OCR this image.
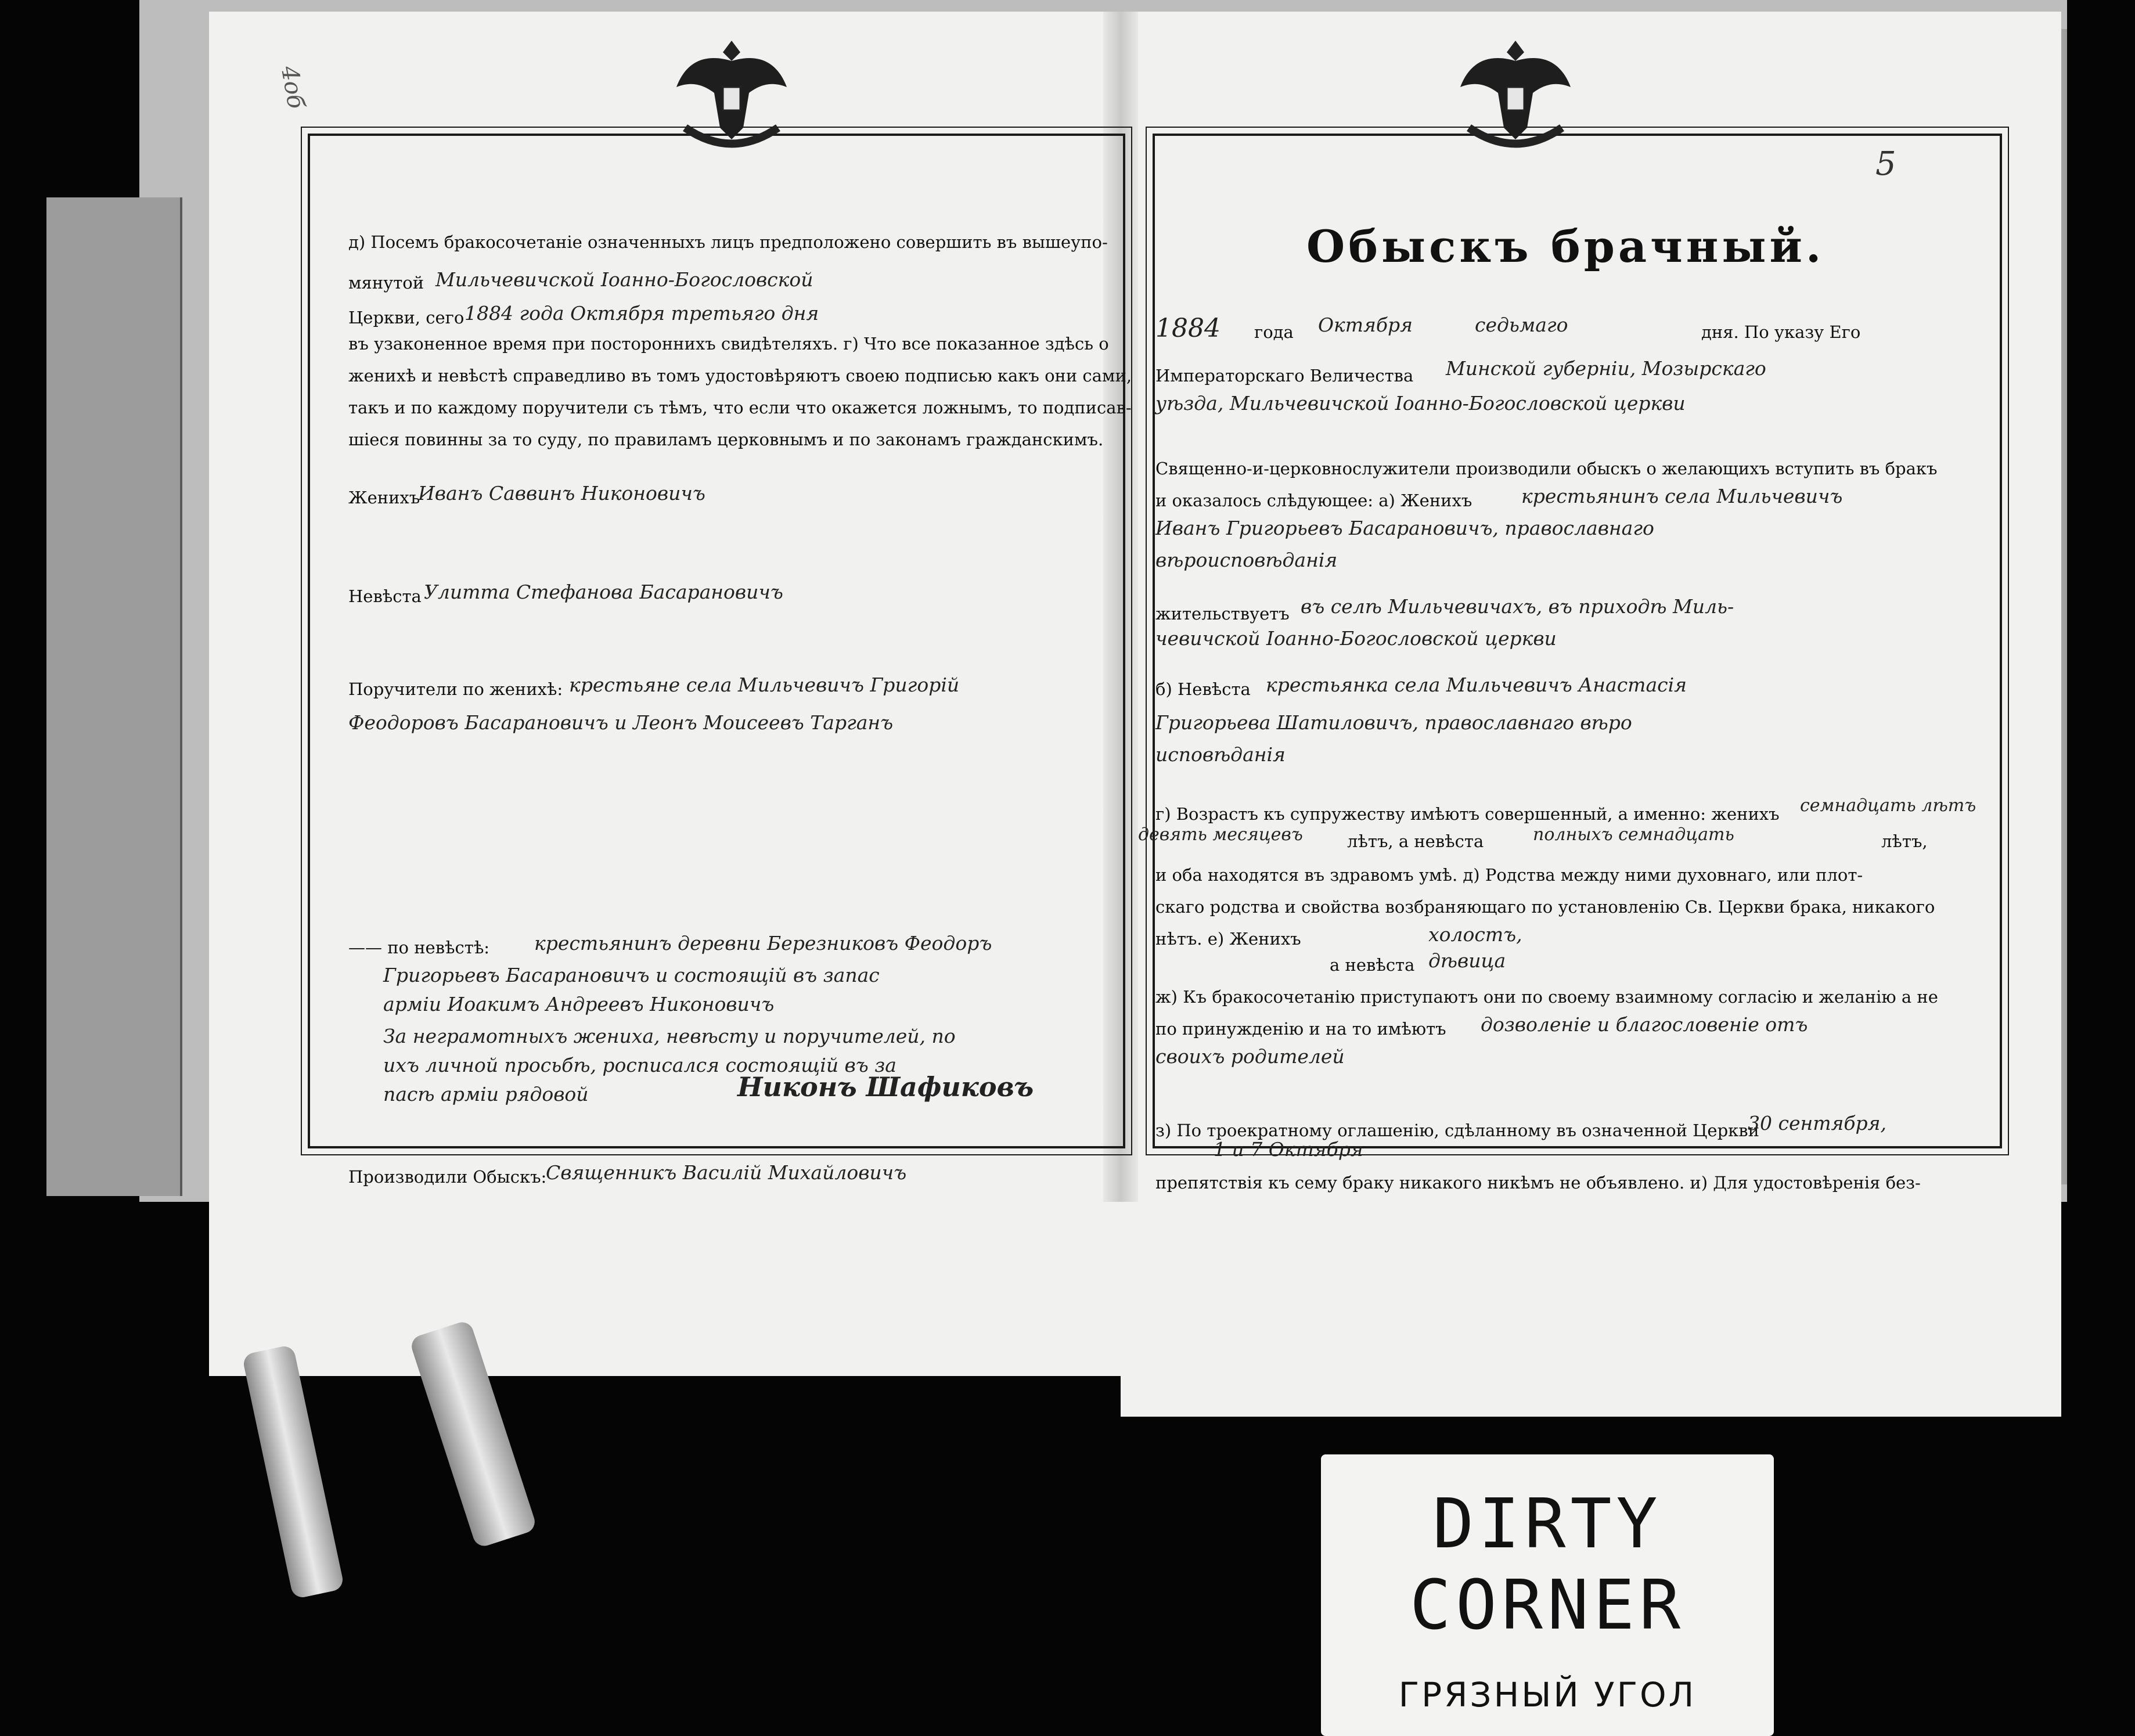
4об
д) Посемъ бракосочетанiе означенныхъ лицъ предположено совершить въ вышеупо-
мянутой Мильчевичской Iоанно-Богословской
Церкви, сего 1884 года Октября третьяго дня
въ узаконенное время при постороннихъ свидѣтеляхъ. г) Что все показанное здѣсь о
женихѣ и невѣстѣ справедливо въ томъ удостовѣряютъ своею подписью какъ они сами,
такъ и по каждому поручители съ тѣмъ, что если что окажется ложнымъ, то подписав-
шiеся повинны за то суду, по правиламъ церковнымъ и по законамъ гражданскимъ.
Женихъ
Иванъ Саввинъ Никоновичъ
Невѣста Улитта Стефанова Басарановичъ
Поручители по женихѣ: крестьяне села Мильчевичъ Григорiй
Феодоровъ Басарановичъ и Леонъ Моисеевъ Тарганъ
—— по невѣстѣ: крестьянинъ деревни Березниковъ Феодоръ
Григорьевъ Басарановичъ и состоящiй въ запас
армiи Иоакимъ Андреевъ Никоновичъ
За неграмотныхъ жениха, невѣсту и поручителей, по
ихъ личной просьбѣ, росписался состоящiй въ за
пасѣ армiи рядовой	Никонъ Шафиковъ
Производили Обыскъ:
Священникъ Василiй Михайловичъ
5
Обыскъ брачный.
1884 года Октября	седьмаго	дня. По указу Его
Императорскаго Величества Минской губернiи, Мозырскаго
уѣзда, Мильчевичской Iоанно-Богословской церкви
Священно-и-церковнослужители производили обыскъ о желающихъ вступить въ бракъ
и оказалось слѣдующее: а) Женихъ	крестьянинъ села Мильчевичъ
Иванъ Григорьевъ Басарановичъ, православнаго
вѣроисповѣданiя
жительствуетъ въ селѣ Мильчевичахъ, въ приходѣ Миль-
чевичской Iоанно-Богословской церкви
б) Невѣста крестьянка села Мильчевичъ Анастасiя
Григорьева Шатиловичъ, православнаго вѣро
исповѣданiя
г) Возрастъ къ супружеству имѣютъ совершенный, а именно: женихъ семнадцать лѣтъ
девять месяцевъ	лѣтъ, а невѣста	полныхъ семнадцать	лѣтъ,
и оба находятся въ здравомъ умѣ. д) Родства между ними духовнаго, или плот-
скаго родства и свойства возбраняющаго по установленiю Св. Церкви брака, никакого
нѣтъ. е) Женихъ	холостъ,
а невѣста дѣвица
ж) Къ бракосочетанiю приступаютъ они по своему взаимному согласiю и желанiю а не
по принужденiю и на то имѣютъ дозволенiе и благословенiе отъ
своихъ родителей
з) По троекратному оглашенiю, сдѣланному въ означенной Церкви
30 сентября,
1 и 7 Октября
препятствiя къ сему браку никакого никѣмъ не объявлено. и) Для удостовѣренiя без-
DIRTY
CORNER
ГРЯЗНЫЙ УГОЛ
